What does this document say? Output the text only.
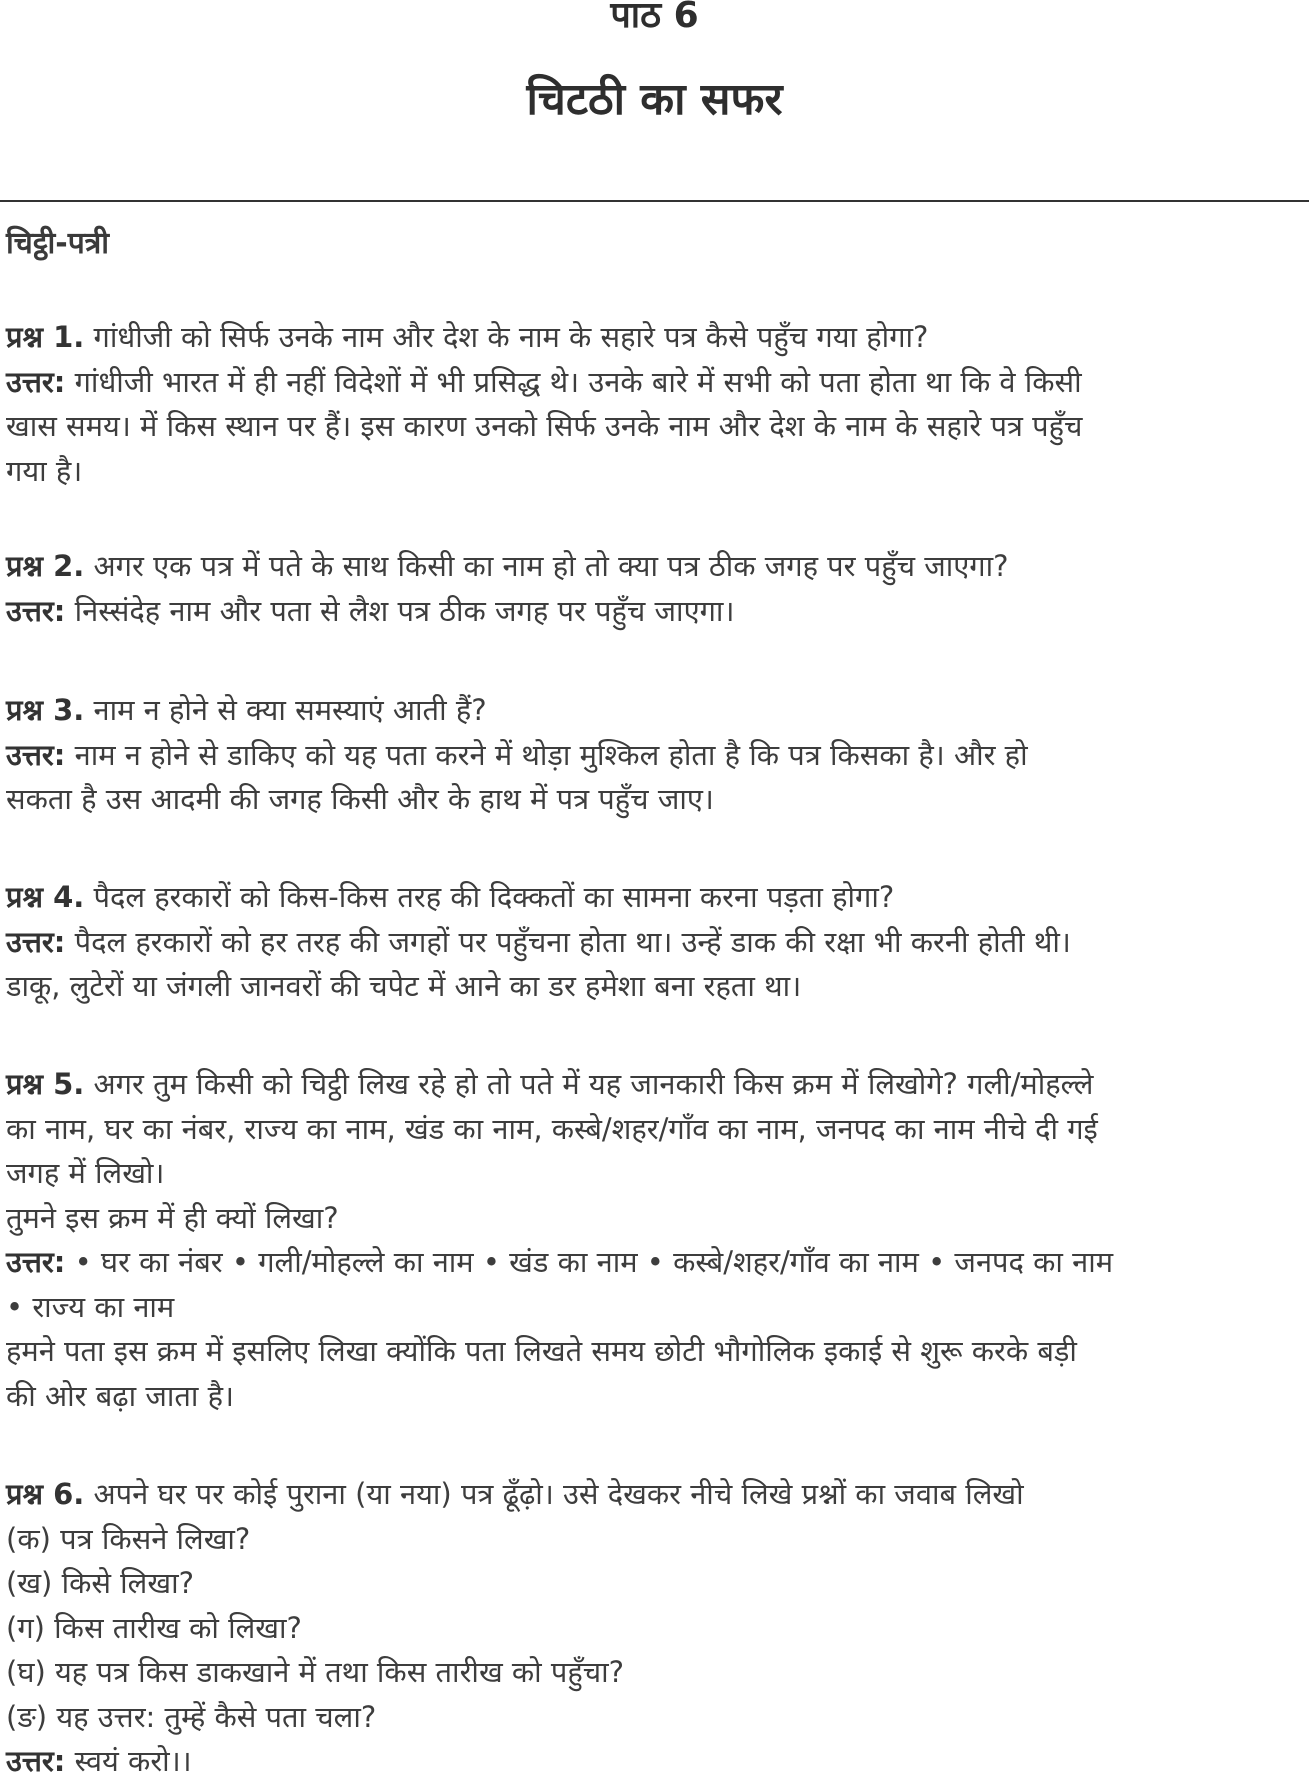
पाठ 6
चिटठी का सफर
चिट्ठी-पत्री
प्रश्न 1. गांधीजी को सिर्फ उनके नाम और देश के नाम के सहारे पत्र कैसे पहुँच गया होगा?
उत्तर: गांधीजी भारत में ही नहीं विदेशों में भी प्रसिद्ध थे। उनके बारे में सभी को पता होता था कि वे किसी
खास समय। में किस स्थान पर हैं। इस कारण उनको सिर्फ उनके नाम और देश के नाम के सहारे पत्र पहुँच
गया है।
प्रश्न 2. अगर एक पत्र में पते के साथ किसी का नाम हो तो क्या पत्र ठीक जगह पर पहुँच जाएगा?
उत्तर: निस्संदेह नाम और पता से लैश पत्र ठीक जगह पर पहुँच जाएगा।
प्रश्न 3. नाम न होने से क्या समस्याएं आती हैं?
उत्तर: नाम न होने से डाकिए को यह पता करने में थोड़ा मुश्किल होता है कि पत्र किसका है। और हो
सकता है उस आदमी की जगह किसी और के हाथ में पत्र पहुँच जाए।
प्रश्न 4. पैदल हरकारों को किस-किस तरह की दिक्कतों का सामना करना पड़ता होगा?
उत्तर: पैदल हरकारों को हर तरह की जगहों पर पहुँचना होता था। उन्हें डाक की रक्षा भी करनी होती थी।
डाकू, लुटेरों या जंगली जानवरों की चपेट में आने का डर हमेशा बना रहता था।
प्रश्न 5. अगर तुम किसी को चिट्ठी लिख रहे हो तो पते में यह जानकारी किस क्रम में लिखोगे? गली/मोहल्ले
का नाम, घर का नंबर, राज्य का नाम, खंड का नाम, कस्बे/शहर/गाँव का नाम, जनपद का नाम नीचे दी गई
जगह में लिखो।
तुमने इस क्रम में ही क्यों लिखा?
उत्तर: • घर का नंबर • गली/मोहल्ले का नाम • खंड का नाम • कस्बे/शहर/गाँव का नाम • जनपद का नाम
• राज्य का नाम
हमने पता इस क्रम में इसलिए लिखा क्योंकि पता लिखते समय छोटी भौगोलिक इकाई से शुरू करके बड़ी
की ओर बढ़ा जाता है।
प्रश्न 6. अपने घर पर कोई पुराना (या नया) पत्र ढूँढ़ो। उसे देखकर नीचे लिखे प्रश्नों का जवाब लिखो
(क) पत्र किसने लिखा?
(ख) किसे लिखा?
(ग) किस तारीख को लिखा?
(घ) यह पत्र किस डाकखाने में तथा किस तारीख को पहुँचा?
(ङ) यह उत्तर: तुम्हें कैसे पता चला?
उत्तर: स्वयं करो।।
